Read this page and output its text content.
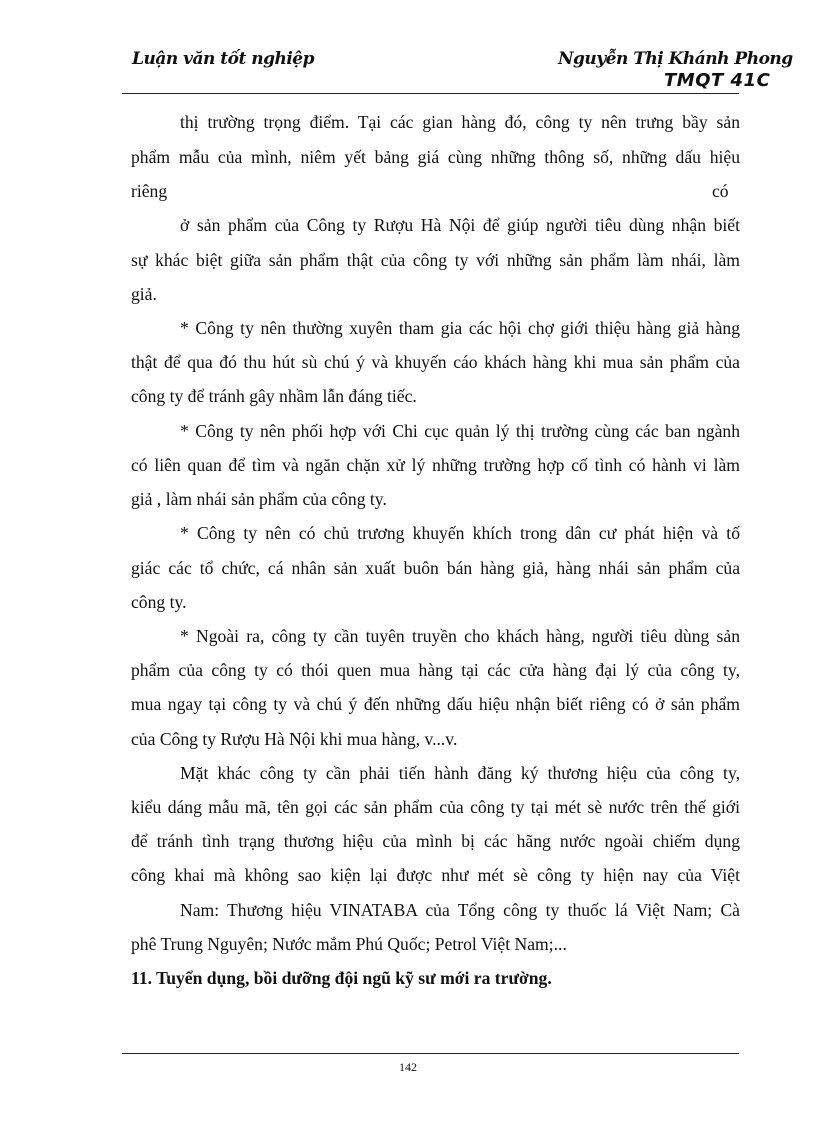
Luận văn tốt nghiệp	Nguyễn Thị Khánh Phong
TMQT 41C
thị trường trọng điểm. Tại các gian hàng đó, công ty nên trưng bầy sản
phẩm mẫu của mình, niêm yết bảng giá cùng những thông số, những dấu hiệu
riêng	có
ở sản phẩm của Công ty Rượu Hà Nội để giúp người tiêu dùng nhận biết
sự khác biệt giữa sản phẩm thật của công ty với những sản phẩm làm nhái, làm
giả.
* Công ty nên thường xuyên tham gia các hội chợ giới thiệu hàng giả hàng
thật để qua đó thu hút sù chú ý và khuyến cáo khách hàng khi mua sản phẩm của
công ty để tránh gây nhầm lẫn đáng tiếc.
* Công ty nên phối hợp với Chi cục quản lý thị trường cùng các ban ngành
có liên quan để tìm và ngăn chặn xử lý những trường hợp cố tình có hành vi làm
giả , làm nhái sản phẩm của công ty.
* Công ty nên có chủ trương khuyến khích trong dân cư phát hiện và tố
giác các tổ chức, cá nhân sản xuất buôn bán hàng giả, hàng nhái sản phẩm của
công ty.
* Ngoài ra, công ty cần tuyên truyền cho khách hàng, người tiêu dùng sản
phẩm của công ty có thói quen mua hàng tại các cửa hàng đại lý của công ty,
mua ngay tại công ty và chú ý đến những dấu hiệu nhận biết riêng có ở sản phẩm
của Công ty Rượu Hà Nội khi mua hàng, v...v.
Mặt khác công ty cần phải tiến hành đăng ký thương hiệu của công ty,
kiểu dáng mẫu mã, tên gọi các sản phẩm của công ty tại mét sè nước trên thế giới
để tránh tình trạng thương hiệu của mình bị các hãng nước ngoài chiếm dụng
công khai mà không sao kiện lại được như mét sè công ty hiện nay của Việt
Nam: Thương hiệu VINATABA của Tổng công ty thuốc lá Việt Nam; Cà
phê Trung Nguyên; Nước mắm Phú Quốc; Petrol Việt Nam;...
11. Tuyển dụng, bồi dưỡng đội ngũ kỹ sư mới ra trường.
142
